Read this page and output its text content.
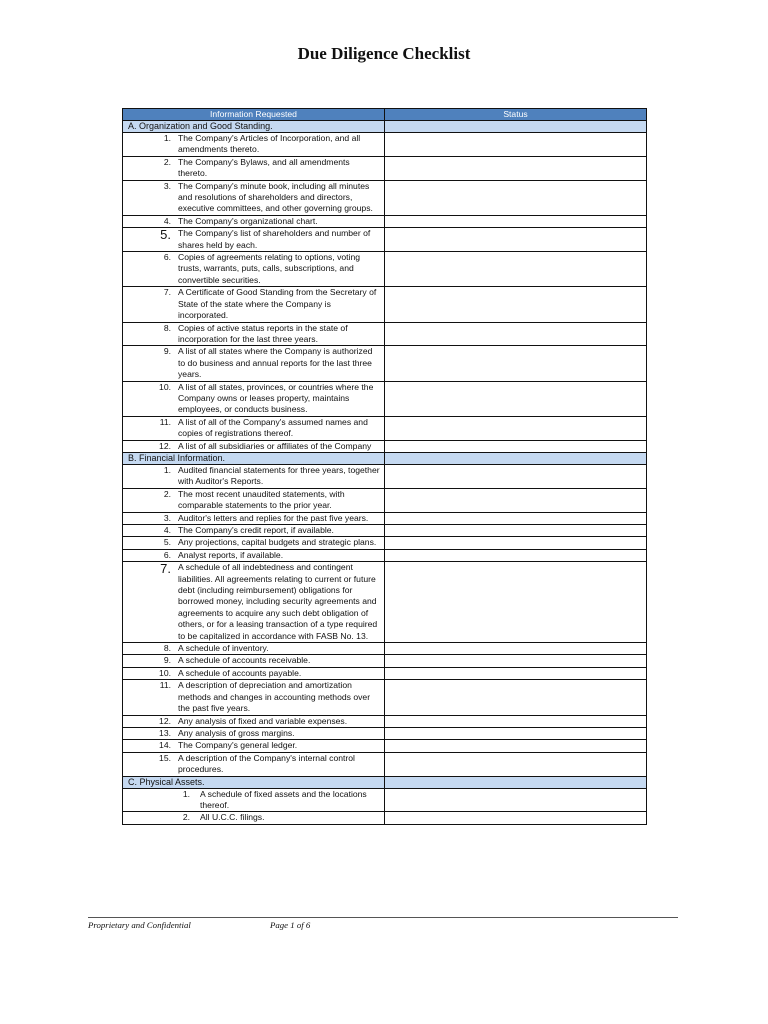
Due Diligence Checklist
Information Requested	Status
A. Organization and Good Standing.	

1. The Company's Articles of Incorporation, and all amendments thereto.	

2. The Company's Bylaws, and all amendments thereto.	

3. The Company's minute book, including all minutes and resolutions of shareholders and directors, executive committees, and other governing groups.	

4. The Company's organizational chart.	

5. The Company's list of shareholders and number of shares held by each.	

6. Copies of agreements relating to options, voting trusts, warrants, puts, calls, subscriptions, and convertible securities.	

7. A Certificate of Good Standing from the Secretary of State of the state where the Company is incorporated.	

8. Copies of active status reports in the state of incorporation for the last three years.	

9. A list of all states where the Company is authorized to do business and annual reports for the last three years.	

10. A list of all states, provinces, or countries where the Company owns or leases property, maintains employees, or conducts business.	

11. A list of all of the Company's assumed names and copies of registrations thereof.	

12. A list of all subsidiaries or affiliates of the Company	

B. Financial Information.	

1. Audited financial statements for three years, together with Auditor's Reports.	

2. The most recent unaudited statements, with comparable statements to the prior year.	

3. Auditor's letters and replies for the past five years.	

4. The Company's credit report, if available.	

5. Any projections, capital budgets and strategic plans.	

6. Analyst reports, if available.	

7. A schedule of all indebtedness and contingent liabilities. All agreements relating to current or future debt (including reimbursement) obligations for borrowed money, including security agreements and agreements to acquire any such debt obligation of others, or for a leasing transaction of a type required to be capitalized in accordance with FASB No. 13.	

8. A schedule of inventory.	

9. A schedule of accounts receivable.	

10. A schedule of accounts payable.	

11. A description of depreciation and amortization methods and changes in accounting methods over the past five years.	

12. Any analysis of fixed and variable expenses.	

13. Any analysis of gross margins.	

14. The Company's general ledger.	

15. A description of the Company's internal control procedures.	

C. Physical Assets.	

1. A schedule of fixed assets and the locations thereof.	

2. All U.C.C. filings.	

Proprietary and Confidential	Page 1 of 6
